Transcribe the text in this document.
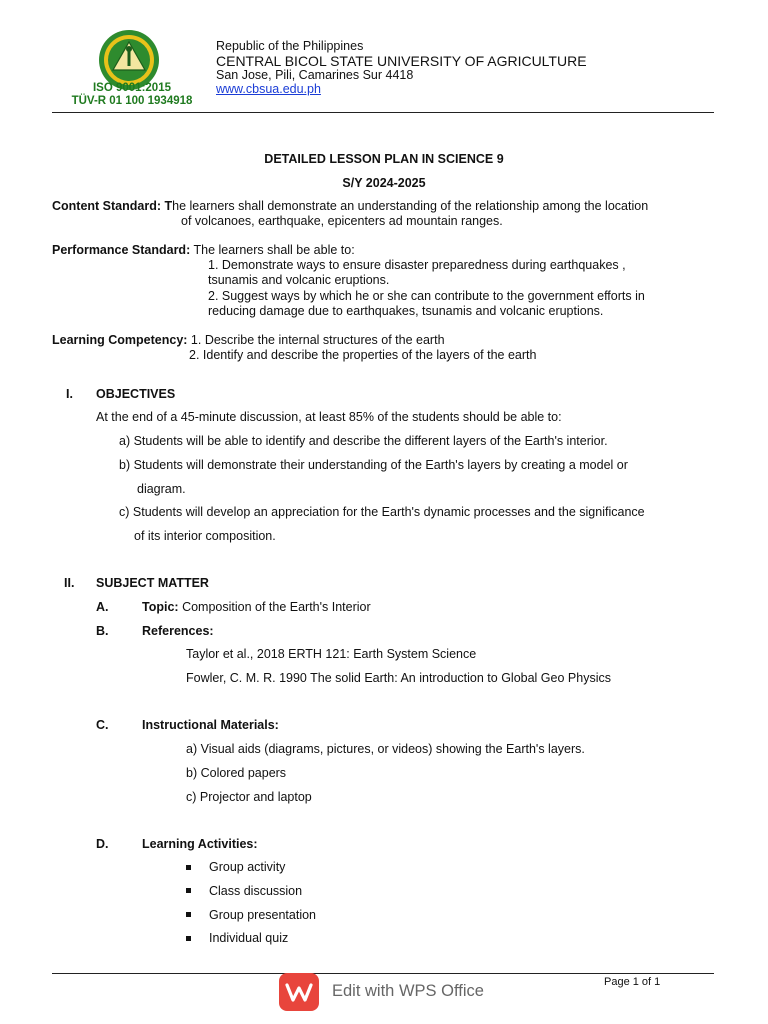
ISO 9001:2015
TÜV-R 01 100 1934918
Republic of the Philippines
CENTRAL BICOL STATE UNIVERSITY OF AGRICULTURE
San Jose, Pili, Camarines Sur 4418
www.cbsua.edu.ph
DETAILED LESSON PLAN IN SCIENCE 9
S/Y 2024-2025
Content Standard: The learners shall demonstrate an understanding of the relationship among the location
of volcanoes, earthquake, epicenters ad mountain ranges.
Performance Standard: The learners shall be able to:
1. Demonstrate ways to ensure disaster preparedness during earthquakes ,
tsunamis and volcanic eruptions.
2. Suggest ways by which he or she can contribute to the government efforts in
reducing damage due to earthquakes, tsunamis and volcanic eruptions.
Learning Competency: 1. Describe the internal structures of the earth
2. Identify and describe the properties of the layers of the earth
I. OBJECTIVES
At the end of a 45-minute discussion, at least 85% of the students should be able to:
a) Students will be able to identify and describe the different layers of the Earth's interior.
b) Students will demonstrate their understanding of the Earth's layers by creating a model or
diagram.
c) Students will develop an appreciation for the Earth's dynamic processes and the significance
of its interior composition.
II. SUBJECT MATTER
A.	Topic: Composition of the Earth's Interior
B.	References:
Taylor et al., 2018 ERTH 121: Earth System Science
Fowler, C. M. R. 1990 The solid Earth: An introduction to Global Geo Physics
C.	Instructional Materials:
a) Visual aids (diagrams, pictures, or videos) showing the Earth's layers.
b) Colored papers
c) Projector and laptop
D.	Learning Activities:
Group activity
Class discussion
Group presentation
Individual quiz
Page 1 of 1
Edit with WPS Office
